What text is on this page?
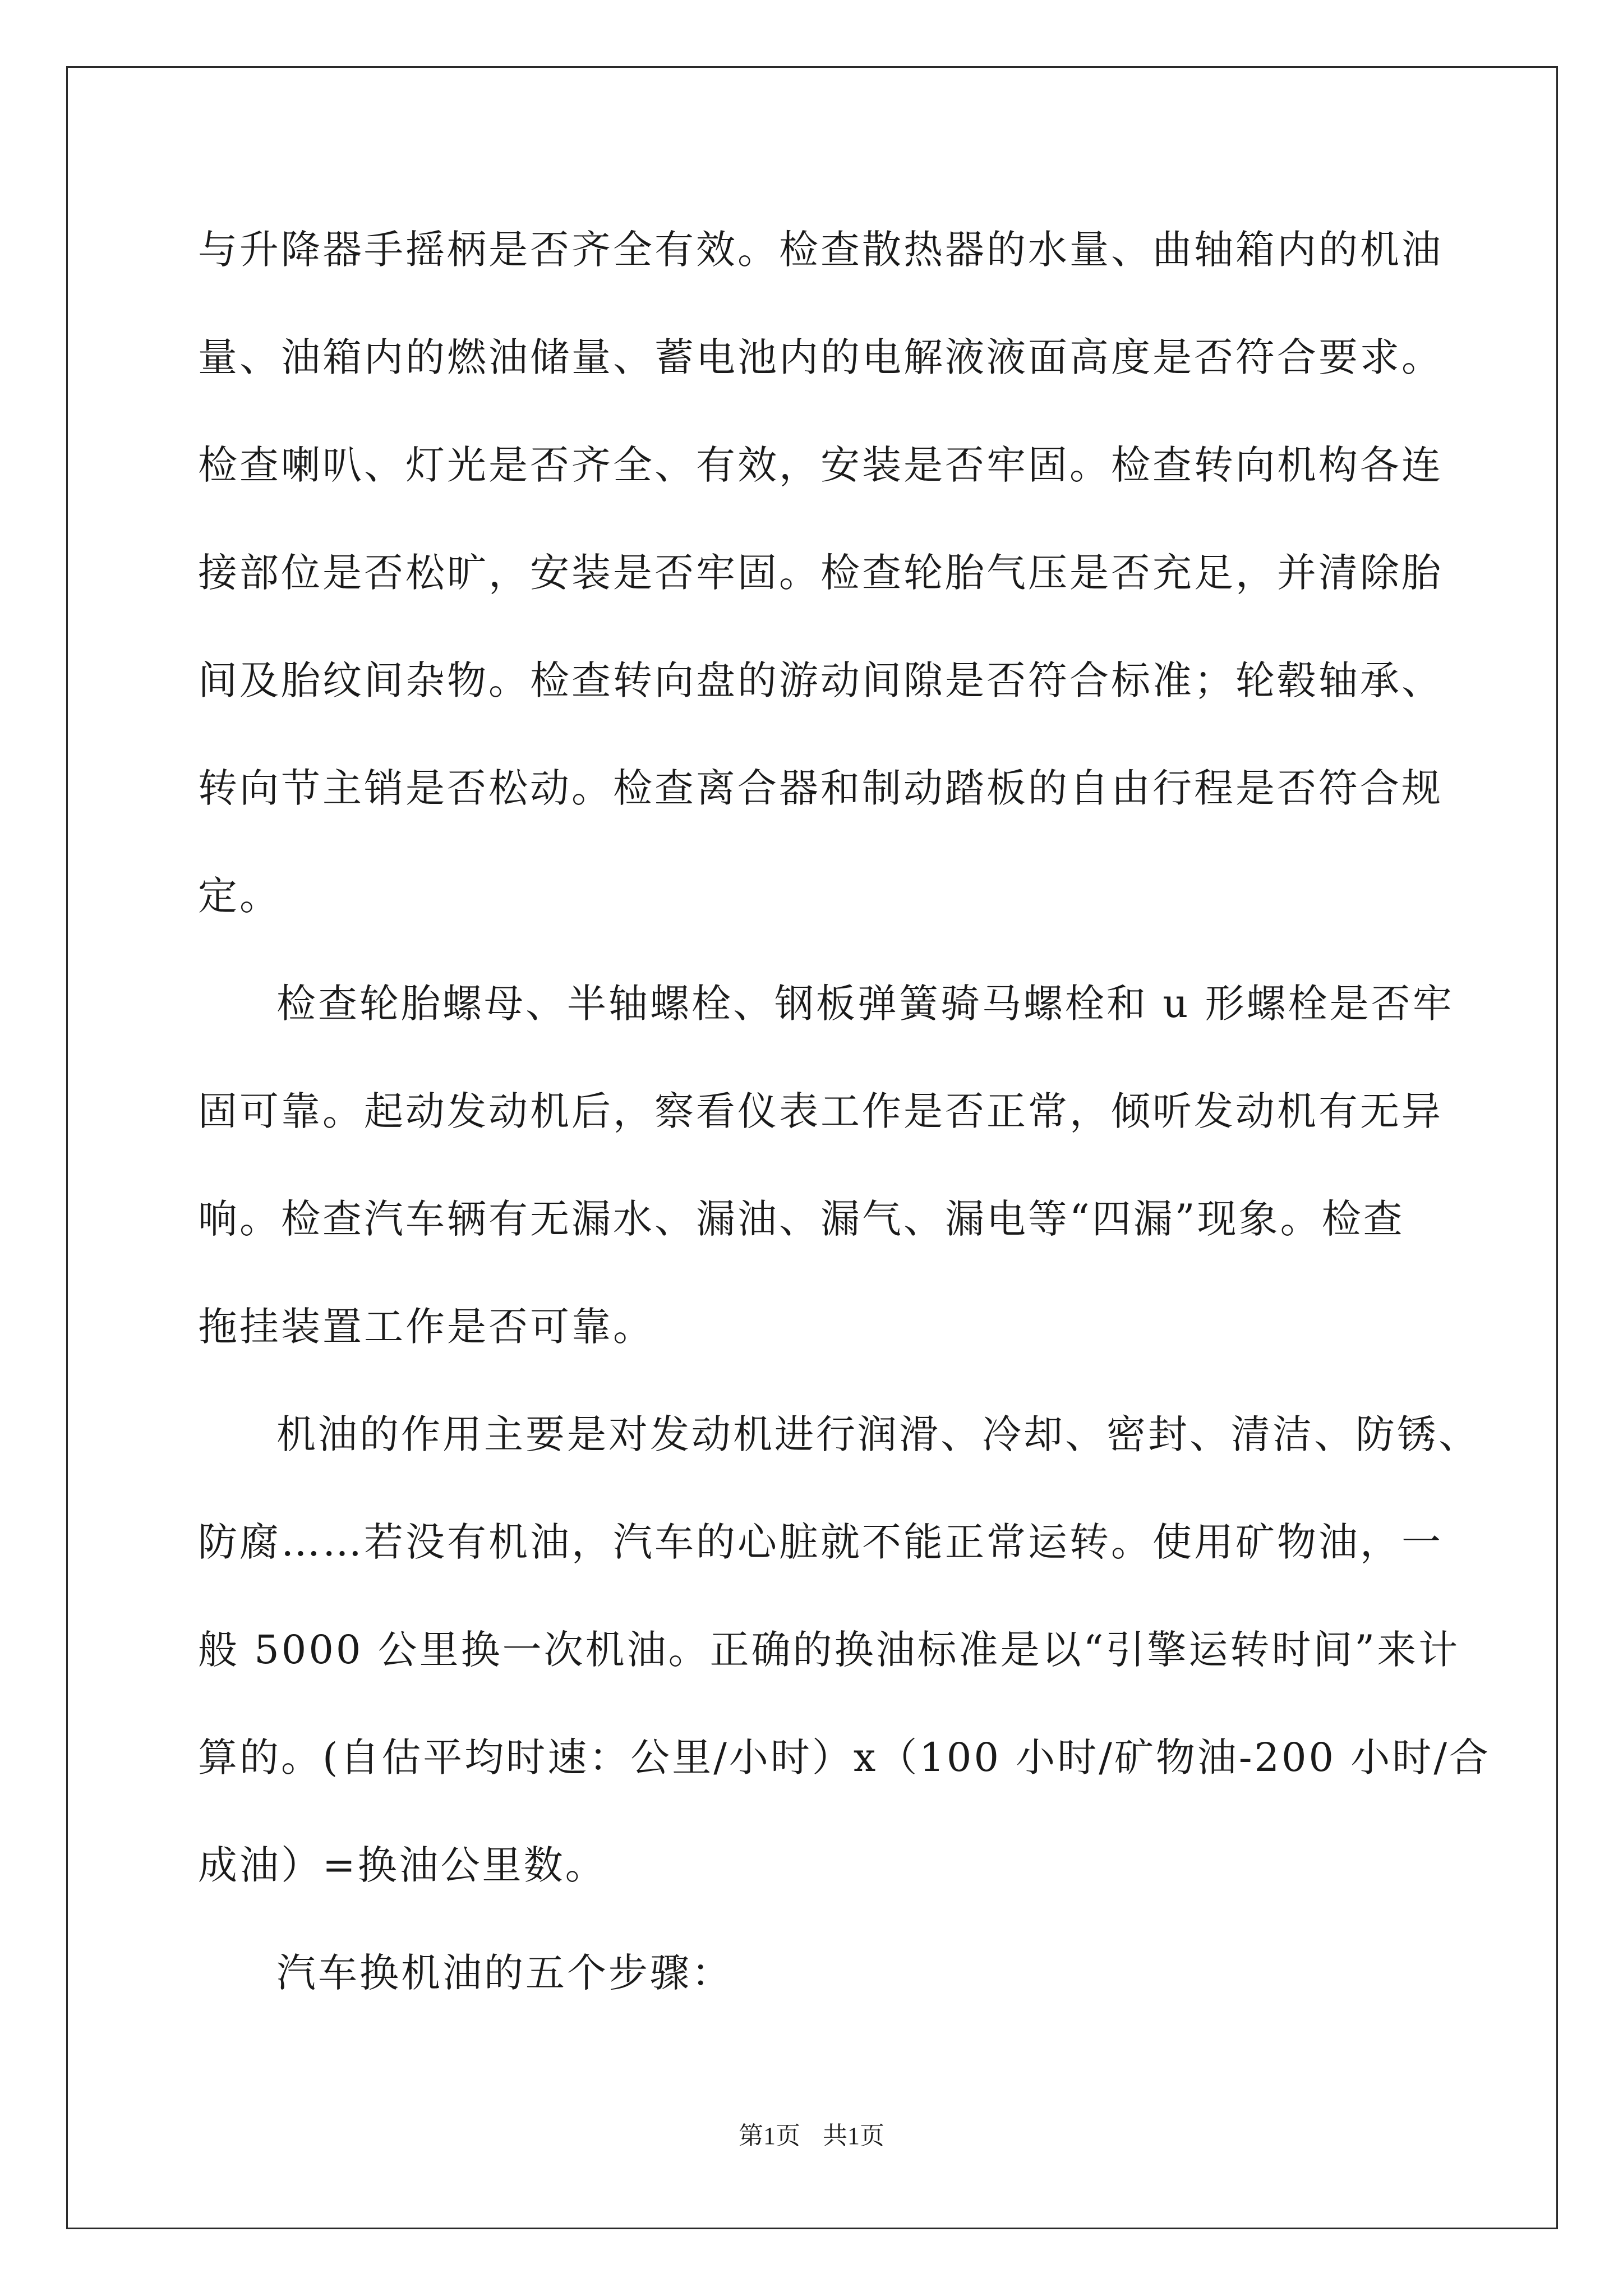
与升降器手摇柄是否齐全有效。检查散热器的水量、曲轴箱内的机油
量、油箱内的燃油储量、蓄电池内的电解液液面高度是否符合要求。
检查喇叭、灯光是否齐全、有效，安装是否牢固。检查转向机构各连
接部位是否松旷，安装是否牢固。检查轮胎气压是否充足，并清除胎
间及胎纹间杂物。检查转向盘的游动间隙是否符合标准；轮毂轴承、
转向节主销是否松动。检查离合器和制动踏板的自由行程是否符合规
定。
检查轮胎螺母、半轴螺栓、钢板弹簧骑马螺栓和 u 形螺栓是否牢
固可靠。起动发动机后，察看仪表工作是否正常，倾听发动机有无异
响。检查汽车辆有无漏水、漏油、漏气、漏电等“四漏”现象。检查
拖挂装置工作是否可靠。
机油的作用主要是对发动机进行润滑、冷却、密封、清洁、防锈、
防腐……若没有机油，汽车的心脏就不能正常运转。使用矿物油，一
般 5000 公里换一次机油。正确的换油标准是以“引擎运转时间”来计
算的。(自估平均时速：公里/小时）x（100 小时/矿物油-200 小时/合
成油）=换油公里数。
汽车换机油的五个步骤：
第1页 共1页
